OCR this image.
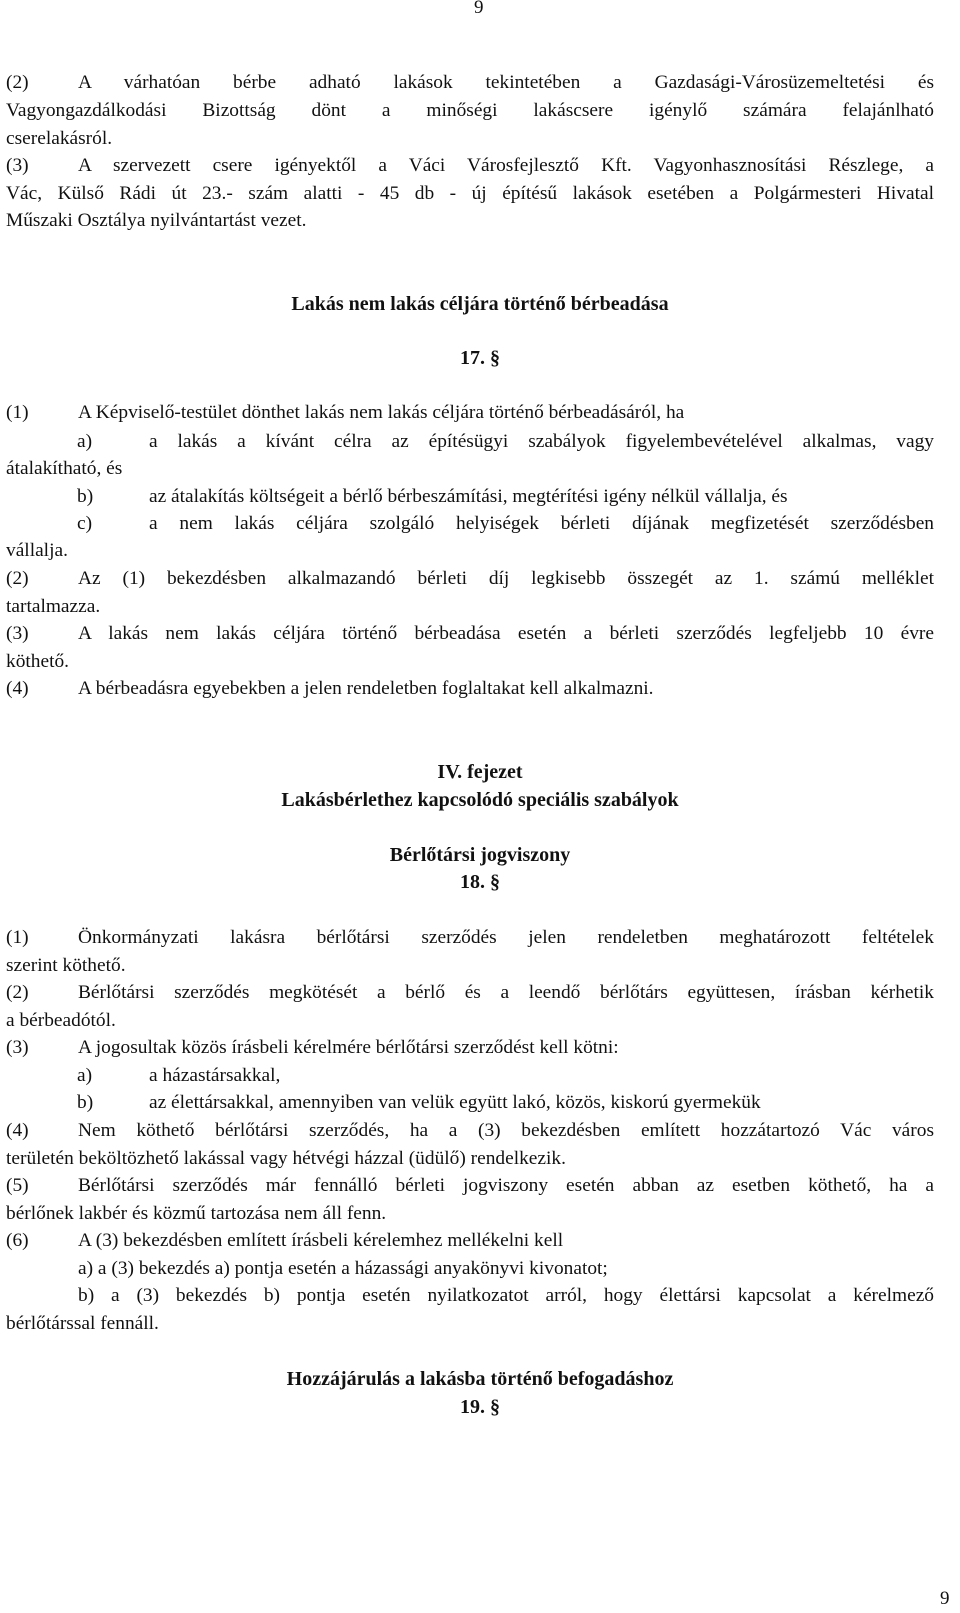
9
(2)	A várhatóan bérbe adható lakások tekintetében a Gazdasági-Városüzemeltetési és
Vagyongazdálkodási Bizottság dönt a minőségi lakáscsere igénylő számára felajánlható
cserelakásról.
(3)	A szervezett csere igényektől a Váci Városfejlesztő Kft. Vagyonhasznosítási Részlege, a
Vác, Külső Rádi út 23.- szám alatti - 45 db - új építésű lakások esetében a Polgármesteri Hivatal
Műszaki Osztálya nyilvántartást vezet.
Lakás nem lakás céljára történő bérbeadása
17. §
(1)	A Képviselő-testület dönthet lakás nem lakás céljára történő bérbeadásáról, ha
a)	a lakás a kívánt célra az építésügyi szabályok figyelembevételével alkalmas, vagy
átalakítható, és
b)	az átalakítás költségeit a bérlő bérbeszámítási, megtérítési igény nélkül vállalja, és
c)	a nem lakás céljára szolgáló helyiségek bérleti díjának megfizetését szerződésben
vállalja.
(2)	Az (1) bekezdésben alkalmazandó bérleti díj legkisebb összegét az 1. számú melléklet
tartalmazza.
(3)	A lakás nem lakás céljára történő bérbeadása esetén a bérleti szerződés legfeljebb 10 évre
köthető.
(4)	A bérbeadásra egyebekben a jelen rendeletben foglaltakat kell alkalmazni.
IV. fejezet
Lakásbérlethez kapcsolódó speciális szabályok
Bérlőtársi jogviszony
18. §
(1)	Önkormányzati lakásra bérlőtársi szerződés jelen rendeletben meghatározott feltételek
szerint köthető.
(2)	Bérlőtársi szerződés megkötését a bérlő és a leendő bérlőtárs együttesen, írásban kérhetik
a bérbeadótól.
(3)	A jogosultak közös írásbeli kérelmére bérlőtársi szerződést kell kötni:
a)	a házastársakkal,
b)	az élettársakkal, amennyiben van velük együtt lakó, közös, kiskorú gyermekük
(4)	Nem köthető bérlőtársi szerződés, ha a (3) bekezdésben említett hozzátartozó Vác város
területén beköltözhető lakással vagy hétvégi házzal (üdülő) rendelkezik.
(5)	Bérlőtársi szerződés már fennálló bérleti jogviszony esetén abban az esetben köthető, ha a
bérlőnek lakbér és közmű tartozása nem áll fenn.
(6)	A (3) bekezdésben említett írásbeli kérelemhez mellékelni kell
a) a (3) bekezdés a) pontja esetén a házassági anyakönyvi kivonatot;
b) a (3) bekezdés b) pontja esetén nyilatkozatot arról, hogy élettársi kapcsolat a kérelmező
bérlőtárssal fennáll.
Hozzájárulás a lakásba történő befogadáshoz
19. §
9
